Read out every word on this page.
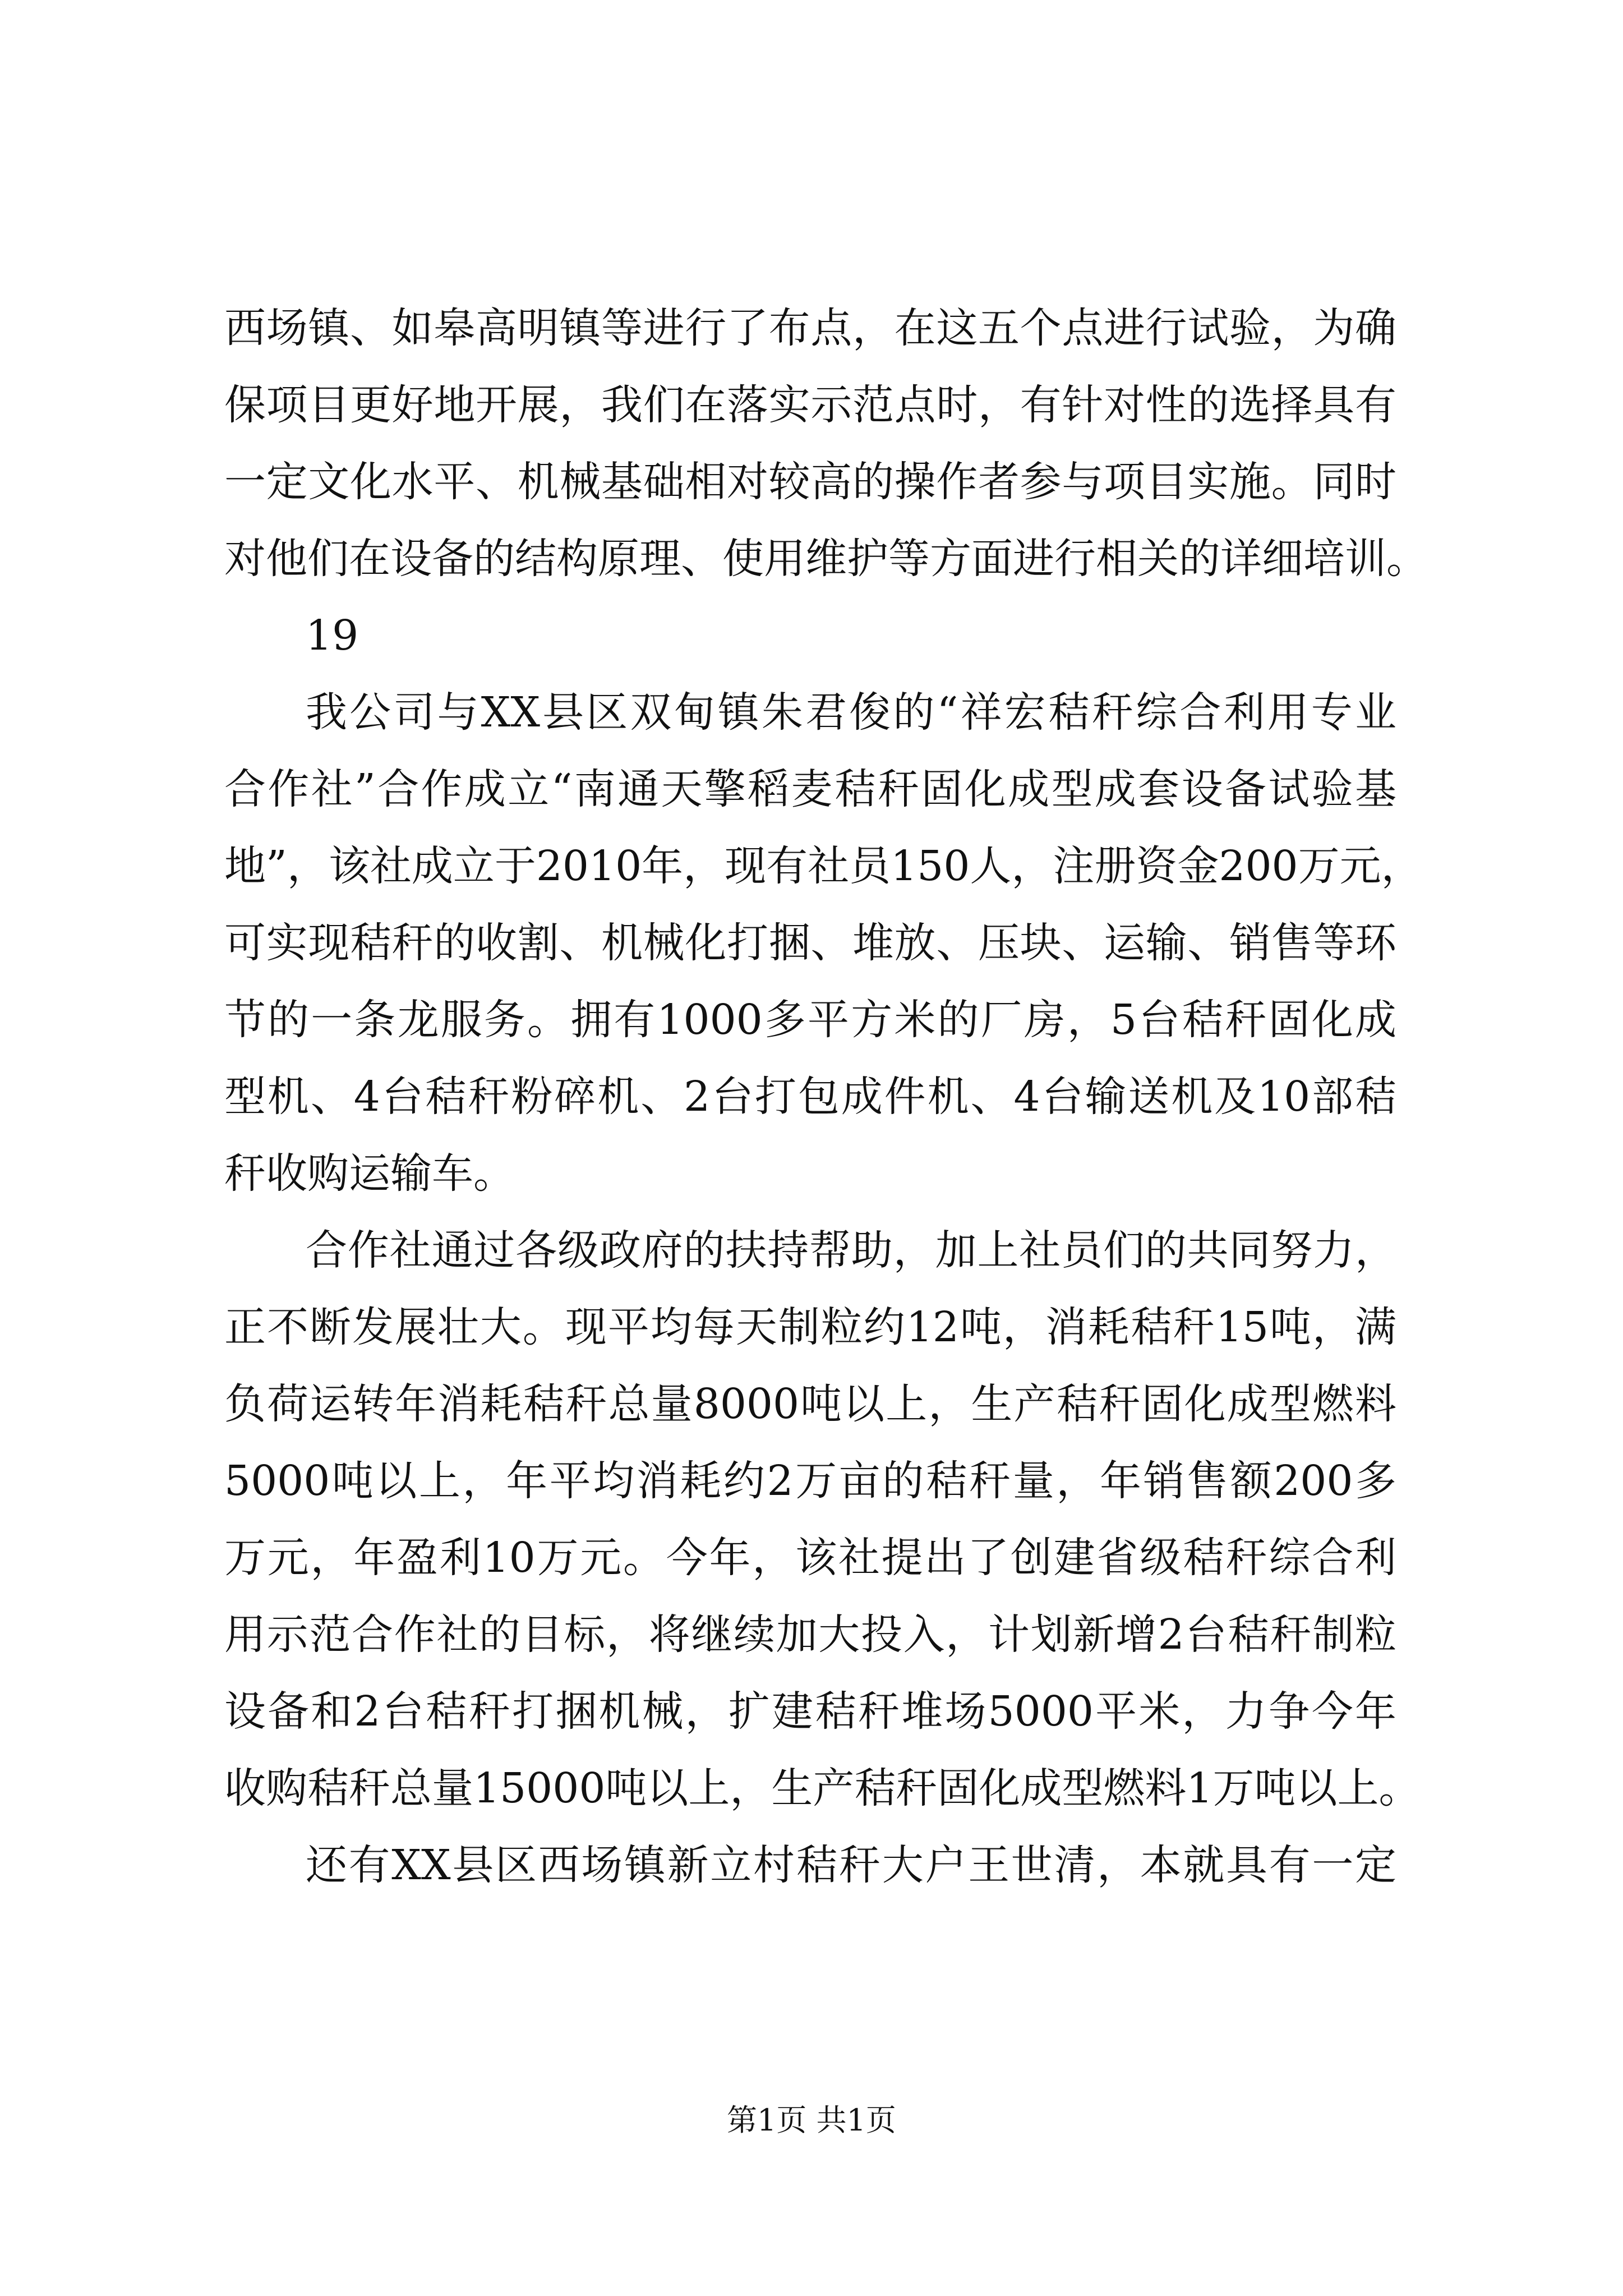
西场镇、如皋高明镇等进行了布点，在这五个点进行试验，为确
保项目更好地开展，我们在落实示范点时，有针对性的选择具有
一定文化水平、机械基础相对较高的操作者参与项目实施。同时
对他们在设备的结构原理、使用维护等方面进行相关的详细培训。
19
我公司与XX县区双甸镇朱君俊的“祥宏秸秆综合利用专业
合作社”合作成立“南通天擎稻麦秸秆固化成型成套设备试验基
地”，该社成立于2010年，现有社员150人，注册资金200万元，
可实现秸秆的收割、机械化打捆、堆放、压块、运输、销售等环
节的一条龙服务。拥有1000多平方米的厂房，5台秸秆固化成
型机、4台秸秆粉碎机、2台打包成件机、4台输送机及10部秸
秆收购运输车。
合作社通过各级政府的扶持帮助，加上社员们的共同努力，
正不断发展壮大。现平均每天制粒约12吨，消耗秸秆15吨，满
负荷运转年消耗秸秆总量8000吨以上，生产秸秆固化成型燃料
5000吨以上，年平均消耗约2万亩的秸秆量，年销售额200多
万元，年盈利10万元。今年，该社提出了创建省级秸秆综合利
用示范合作社的目标，将继续加大投入，计划新增2台秸秆制粒
设备和2台秸秆打捆机械，扩建秸秆堆场5000平米，力争今年
收购秸秆总量15000吨以上，生产秸秆固化成型燃料1万吨以上。
还有XX县区西场镇新立村秸秆大户王世清，本就具有一定
第1页 共1页
